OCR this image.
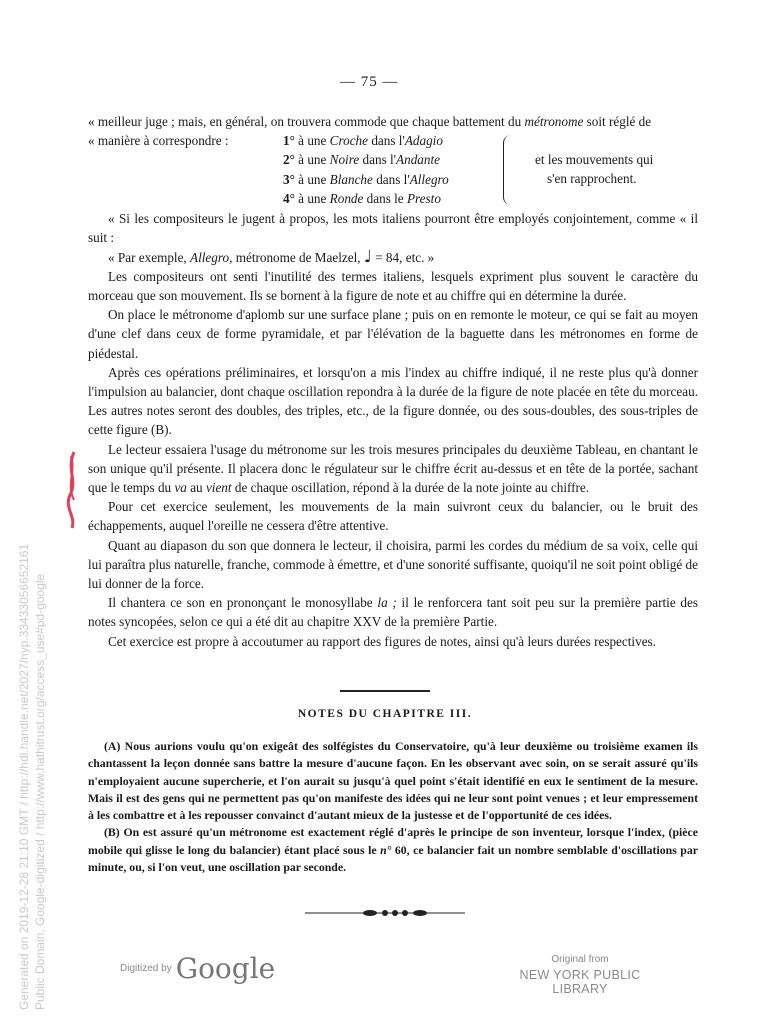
— 75 —

« meilleur juge ; mais, en général, on trouvera commode que chaque battement du métronome soit réglé de

« manière à correspondre :	1° à une Croche dans l'Adagio
2° à une Noire dans l'Andante
3° à une Blanche dans l'Allegro
4° à une Ronde dans le Presto
et les mouvements qui
s'en rapprochent.

« Si les compositeurs le jugent à propos, les mots italiens pourront être employés conjointement, comme « il suit :

« Par exemple, Allegro, métronome de Maelzel, ♩ = 84, etc. »

Les compositeurs ont senti l'inutilité des termes italiens, lesquels expriment plus souvent le caractère du morceau que son mouvement. Ils se bornent à la figure de note et au chiffre qui en détermine la durée.

On place le métronome d'aplomb sur une surface plane ; puis on en remonte le moteur, ce qui se fait au moyen d'une clef dans ceux de forme pyramidale, et par l'élévation de la baguette dans les métronomes en forme de piédestal.

Après ces opérations préliminaires, et lorsqu'on a mis l'index au chiffre indiqué, il ne reste plus qu'à donner l'impulsion au balancier, dont chaque oscillation repondra à la durée de la figure de note placée en tête du morceau. Les autres notes seront des doubles, des triples, etc., de la figure donnée, ou des sous-doubles, des sous-triples de cette figure (B).

Le lecteur essaiera l'usage du métronome sur les trois mesures principales du deuxième Tableau, en chantant le son unique qu'il présente. Il placera donc le régulateur sur le chiffre écrit au-dessus et en tête de la portée, sachant que le temps du va au vient de chaque oscillation, répond à la durée de la note jointe au chiffre.

Pour cet exercice seulement, les mouvements de la main suivront ceux du balancier, ou le bruit des échappements, auquel l'oreille ne cessera d'être attentive.

Quant au diapason du son que donnera le lecteur, il choisira, parmi les cordes du médium de sa voix, celle qui lui paraîtra plus naturelle, franche, commode à émettre, et d'une sonorité suffisante, quoiqu'il ne soit point obligé de lui donner de la force.

Il chantera ce son en prononçant le monosyllabe la ; il le renforcera tant soit peu sur la première partie des notes syncopées, selon ce qui a été dit au chapitre XXV de la première Partie.

Cet exercice est propre à accoutumer au rapport des figures de notes, ainsi qu'à leurs durées respectives.

NOTES DU CHAPITRE III.

(A) Nous aurions voulu qu'on exigeât des solfégistes du Conservatoire, qu'à leur deuxième ou troisième examen ils chantassent la leçon donnée sans battre la mesure d'aucune façon. En les observant avec soin, on se serait assuré qu'ils n'employaient aucune supercherie, et l'on aurait su jusqu'à quel point s'était identifié en eux le sentiment de la mesure. Mais il est des gens qui ne permettent pas qu'on manifeste des idées qui ne leur sont point venues ; et leur empressement à les combattre et à les repousser convainct d'autant mieux de la justesse et de l'opportunité de ces idées.

(B) On est assuré qu'un métronome est exactement réglé d'après le principe de son inventeur, lorsque l'index, (pièce mobile qui glisse le long du balancier) étant placé sous le n° 60, ce balancier fait un nombre semblable d'oscillations par minute, ou, si l'on veut, une oscillation par seconde.

Generated on 2019-12-28 21:10 GMT / http://hdl.handle.net/2027/nyp.33433056652161 Public Domain, Google-digitized / http://www.hathitrust.org/access_use#pd-google	$^{Digitized by}$ Google	Original from
NEW YORK PUBLIC LIBRARY
